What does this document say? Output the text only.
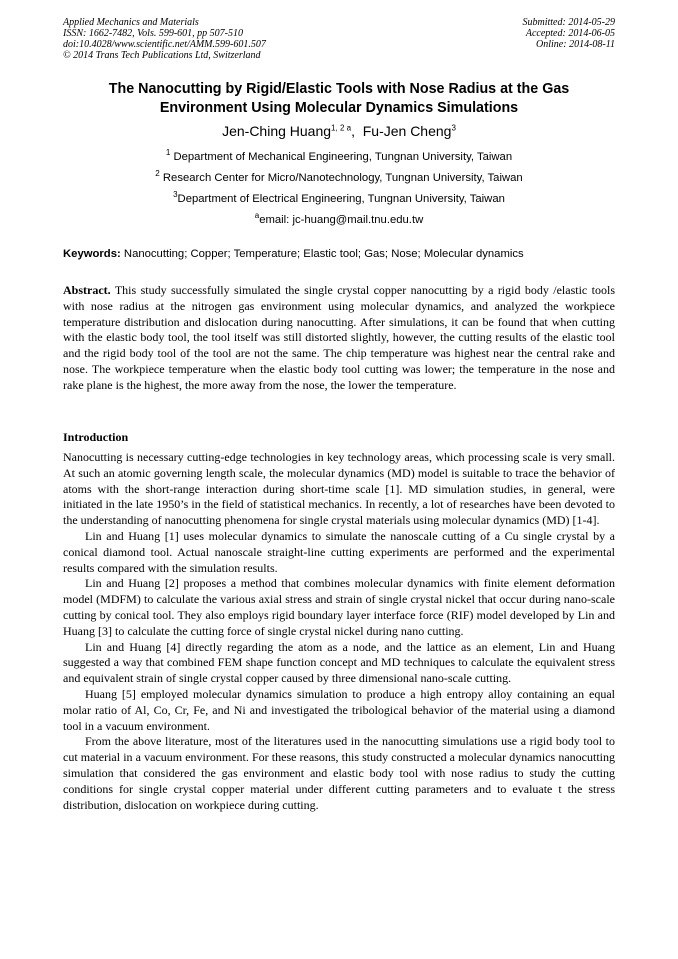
Applied Mechanics and Materials
ISSN: 1662-7482, Vols. 599-601, pp 507-510
doi:10.4028/www.scientific.net/AMM.599-601.507
© 2014 Trans Tech Publications Ltd, Switzerland
Submitted: 2014-05-29
Accepted: 2014-06-05
Online: 2014-08-11
The Nanocutting by Rigid/Elastic Tools with Nose Radius at the Gas
Environment Using Molecular Dynamics Simulations
Jen-Ching Huang$^{1, 2 a}$,  Fu-Jen Cheng$^3$
$^1$ Department of Mechanical Engineering, Tungnan University, Taiwan
$^2$ Research Center for Micro/Nanotechnology, Tungnan University, Taiwan
$^3$Department of Electrical Engineering, Tungnan University, Taiwan
$^a$email: jc-huang@mail.tnu.edu.tw
Keywords: Nanocutting; Copper; Temperature; Elastic tool; Gas; Nose; Molecular dynamics
Abstract. This study successfully simulated the single crystal copper nanocutting by a rigid body /elastic tools with nose radius at the nitrogen gas environment using molecular dynamics, and analyzed the workpiece temperature distribution and dislocation during nanocutting. After simulations, it can be found that when cutting with the elastic body tool, the tool itself was still distorted slightly, however, the cutting results of the elastic tool and the rigid body tool of the tool are not the same. The chip temperature was highest near the central rake and nose. The workpiece temperature when the elastic body tool cutting was lower; the temperature in the nose and rake plane is the highest, the more away from the nose, the lower the temperature.
Introduction

Nanocutting is necessary cutting-edge technologies in key technology areas, which processing scale is very small. At such an atomic governing length scale, the molecular dynamics (MD) model is suitable to trace the behavior of atoms with the short-range interaction during short-time scale [1]. MD simulation studies, in general, were initiated in the late 1950’s in the field of statistical mechanics. In recently, a lot of researches have been devoted to the understanding of nanocutting phenomena for single crystal materials using molecular dynamics (MD) [1-4].

Lin and Huang [1] uses molecular dynamics to simulate the nanoscale cutting of a Cu single crystal by a conical diamond tool. Actual nanoscale straight-line cutting experiments are performed and the experimental results compared with the simulation results.

Lin and Huang [2] proposes a method that combines molecular dynamics with finite element deformation model (MDFM) to calculate the various axial stress and strain of single crystal nickel that occur during nano-scale cutting by conical tool. They also employs rigid boundary layer interface force (RIF) model developed by Lin and Huang [3] to calculate the cutting force of single crystal nickel during nano cutting.

Lin and Huang [4] directly regarding the atom as a node, and the lattice as an element, Lin and Huang suggested a way that combined FEM shape function concept and MD techniques to calculate the equivalent stress and equivalent strain of single crystal copper caused by three dimensional nano-scale cutting.

Huang [5] employed molecular dynamics simulation to produce a high entropy alloy containing an equal molar ratio of Al, Co, Cr, Fe, and Ni and investigated the tribological behavior of the material using a diamond tool in a vacuum environment.

From the above literature, most of the literatures used in the nanocutting simulations use a rigid body tool to cut material in a vacuum environment. For these reasons, this study constructed a molecular dynamics nanocutting simulation that considered the gas environment and elastic body tool with nose radius to study the cutting conditions for single crystal copper material under different cutting parameters and to evaluate t the stress distribution, dislocation on workpiece during cutting.
